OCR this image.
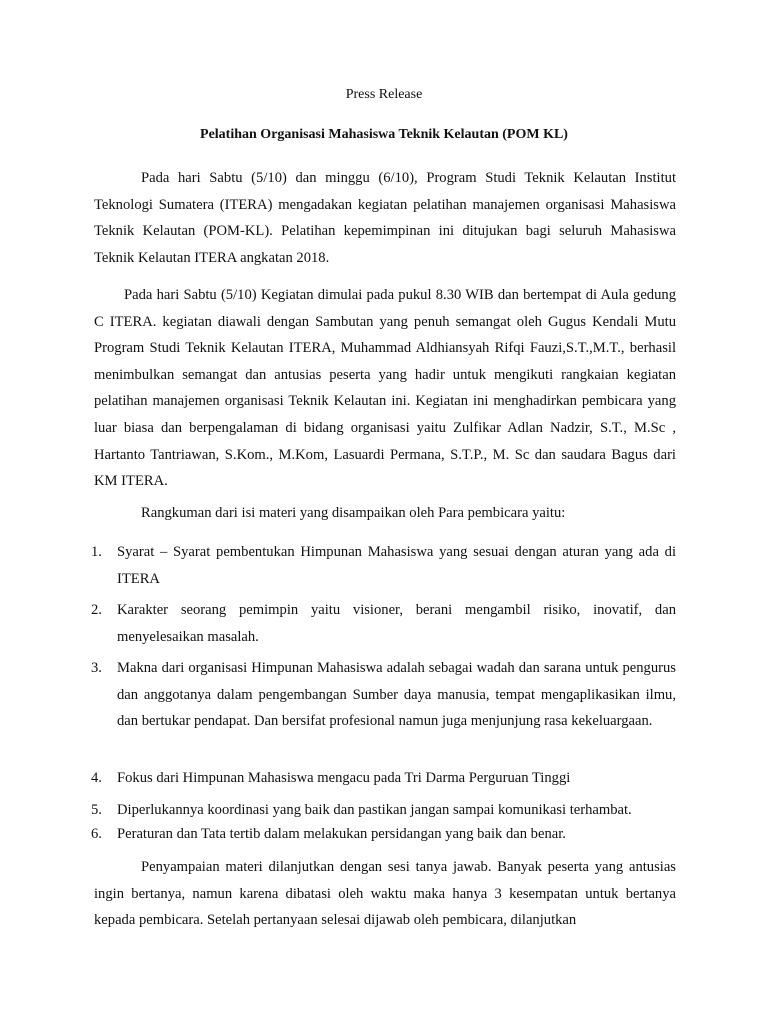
Press Release
Pelatihan Organisasi Mahasiswa Teknik Kelautan (POM KL)

Pada hari Sabtu (5/10) dan minggu (6/10), Program Studi Teknik Kelautan Institut Teknologi Sumatera (ITERA) mengadakan kegiatan pelatihan manajemen organisasi Mahasiswa Teknik Kelautan (POM-KL). Pelatihan kepemimpinan ini ditujukan bagi seluruh Mahasiswa Teknik Kelautan ITERA angkatan 2018.

Pada hari Sabtu (5/10) Kegiatan dimulai pada pukul 8.30 WIB dan bertempat di Aula gedung C ITERA. kegiatan diawali dengan Sambutan yang penuh semangat oleh Gugus Kendali Mutu Program Studi Teknik Kelautan ITERA, Muhammad Aldhiansyah Rifqi Fauzi,S.T.,M.T., berhasil menimbulkan semangat dan antusias peserta yang hadir untuk mengikuti rangkaian kegiatan pelatihan manajemen organisasi Teknik Kelautan ini. Kegiatan ini menghadirkan pembicara yang luar biasa dan berpengalaman di bidang organisasi yaitu Zulfikar Adlan Nadzir, S.T., M.Sc , Hartanto Tantriawan, S.Kom., M.Kom, Lasuardi Permana, S.T.P., M. Sc dan saudara Bagus dari KM ITERA.

Rangkuman dari isi materi yang disampaikan oleh Para pembicara yaitu:

1. Syarat – Syarat pembentukan Himpunan Mahasiswa yang sesuai dengan aturan yang ada di ITERA
2. Karakter seorang pemimpin yaitu visioner, berani mengambil risiko, inovatif, dan menyelesaikan masalah.
3. Makna dari organisasi Himpunan Mahasiswa adalah sebagai wadah dan sarana untuk pengurus dan anggotanya dalam pengembangan Sumber daya manusia, tempat mengaplikasikan ilmu, dan bertukar pendapat. Dan bersifat profesional namun juga menjunjung rasa kekeluargaan.
4. Fokus dari Himpunan Mahasiswa mengacu pada Tri Darma Perguruan Tinggi
5. Diperlukannya koordinasi yang baik dan pastikan jangan sampai komunikasi terhambat.
6. Peraturan dan Tata tertib dalam melakukan persidangan yang baik dan benar.

Penyampaian materi dilanjutkan dengan sesi tanya jawab. Banyak peserta yang antusias ingin bertanya, namun karena dibatasi oleh waktu maka hanya 3 kesempatan untuk bertanya kepada pembicara. Setelah pertanyaan selesai dijawab oleh pembicara, dilanjutkan
